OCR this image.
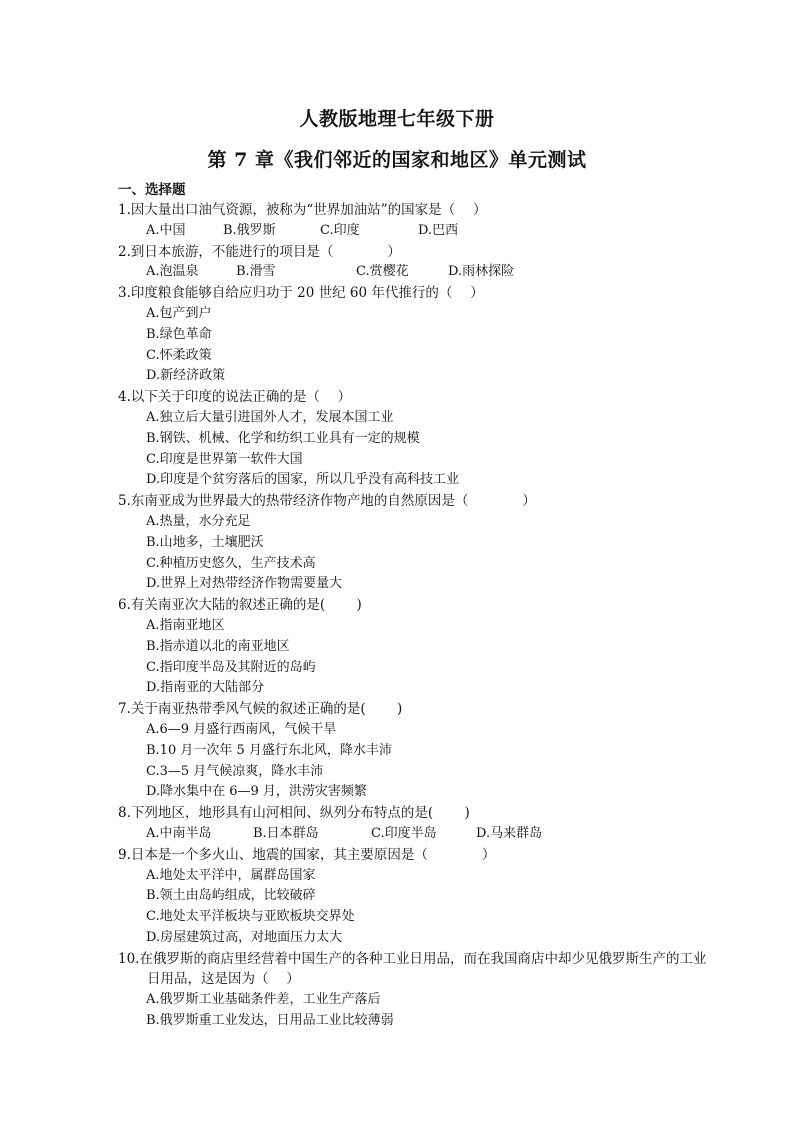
人教版地理七年级下册
第 7 章《我们邻近的国家和地区》单元测试
一、选择题
1.因大量出口油气资源，被称为“世界加油站”的国家是（　 ）
A.中国	B.俄罗斯	C.印度	D.巴西
2.到日本旅游，不能进行的项目是（　　　　）
A.泡温泉	B.滑雪	C.赏樱花	D.雨林探险
3.印度粮食能够自给应归功于 20 世纪 60 年代推行的（　 ）
A.包产到户
B.绿色革命
C.怀柔政策
D.新经济政策
4.以下关于印度的说法正确的是（　 ）
A.独立后大量引进国外人才，发展本国工业
B.钢铁、机械、化学和纺织工业具有一定的规模
C.印度是世界第一软件大国
D.印度是个贫穷落后的国家，所以几乎没有高科技工业
5.东南亚成为世界最大的热带经济作物产地的自然原因是（　　　　）
A.热量，水分充足
B.山地多，土壤肥沃
C.种植历史悠久，生产技术高
D.世界上对热带经济作物需要量大
6.有关南亚次大陆的叙述正确的是(　　 )
A.指南亚地区
B.指赤道以北的南亚地区
C.指印度半岛及其附近的岛屿
D.指南亚的大陆部分
7.关于南亚热带季风气候的叙述正确的是(　　 )
A.6—9 月盛行西南风，气候干旱
B.10 月一次年 5 月盛行东北风，降水丰沛
C.3—5 月气候凉爽，降水丰沛
D.降水集中在 6—9 月，洪涝灾害频繁
8.下列地区，地形具有山河相间、纵列分布特点的是(　　 )
A.中南半岛	B.日本群岛	C.印度半岛	D.马来群岛
9.日本是一个多火山、地震的国家，其主要原因是（　　　　）
A.地处太平洋中，属群岛国家
B.领土由岛屿组成，比较破碎
C.地处太平洋板块与亚欧板块交界处
D.房屋建筑过高，对地面压力太大
10.在俄罗斯的商店里经营着中国生产的各种工业日用品，而在我国商店中却少见俄罗斯生产的工业日用品，这是因为（　 ）
A.俄罗斯工业基础条件差，工业生产落后
B.俄罗斯重工业发达，日用品工业比较薄弱
